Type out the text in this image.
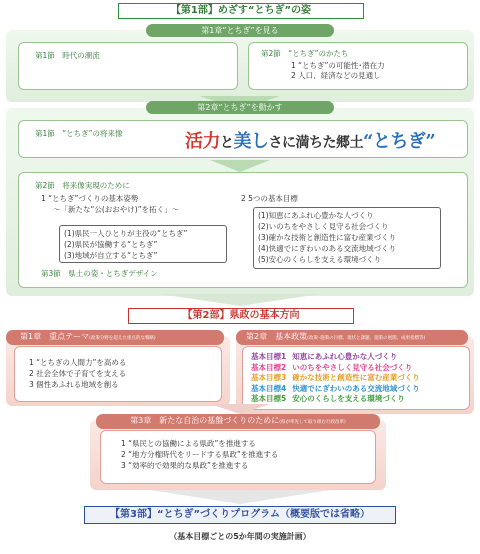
【第1部】めざす“とちぎ”の姿
第1章“とちぎ”を見る
第1節　時代の潮流	第2節　“とちぎ”のかたち
1 “とちぎ”の可能性･潜在力
2 人口、経済などの見通し
第2章“とちぎ”を動かす
第1節　“とちぎ”の将来像	活力と美しさに満ちた郷土“とちぎ”
第2節　将来像実現のために
1 “とちぎ”づくりの基本姿勢
～「新たな“公(おおやけ)”を拓く」～
(1)県民一人ひとりが主役の“とちぎ”
(2)県民が協働する“とちぎ”
(3)地域が自立する“とちぎ”
2 5つの基本目標
(1)知恵にあふれ心豊かな人づくり
(2)いのちをやさしく見守る社会づくり
(3)確かな技術と創造性に富む産業づくり
(4)快適でにぎわいのある交流地域づくり
(5)安心のくらしを支える環境づくり
第3節　県土の姿・とちぎデザイン
【第2部】県政の基本方向
第1章　重点テーマ(政策分野を超えた重点的な戦略)
1 “とちぎの人間力”を高める
2 社会全体で子育てを支える
3 個性あふれる地域を創る
第2章　基本政策(政策･施策の目標、現状と課題、施策の展開、成果指標等)
基本目標1 知恵にあふれ心豊かな人づくり
基本目標2 いのちをやさしく見守る社会づくり
基本目標3 確かな技術と創造性に富む産業づくり
基本目標4 快適でにぎわいのある交流地域づくり
基本目標5 安心のくらしを支える環境づくり
第3章　新たな自治の基盤づくりのために(県が率先して取り組む行政改革)
1 “県民との協働による県政”を推進する
2 “地方分権時代をリードする県政”を推進する
3 “効率的で効果的な県政”を推進する
【第3部】“とちぎ”づくりプログラム（概要版では省略）
（基本目標ごとの5か年間の実施計画）
